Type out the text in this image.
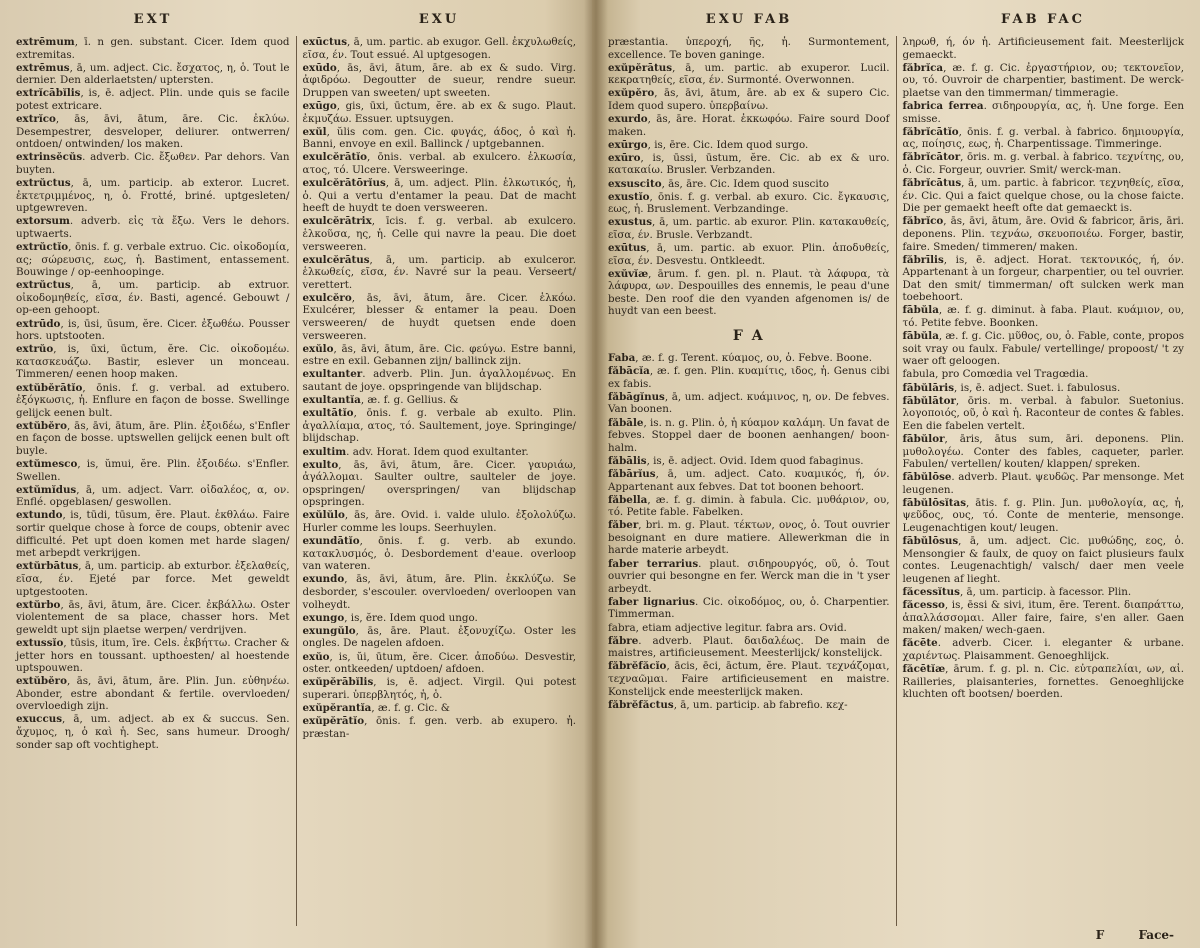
EXT	EXU
extrēmum, ī. n gen. substant. Cicer. Idem quod extremitas.
extrēmus, ā, um. adject. Cic. ἔσχατος, η, ὁ. Tout le dernier. Den alderlaetsten/ uptersten.
extrĭcābĭlis, is, ē. adject. Plin. unde quis se facile potest extricare.
extrĭco, ās, āvi, ātum, āre. Cic. ἐκλύω. Desempestrer, desveloper, deliurer. ontwerren/ ontdoen/ ontwinden/ los maken.
extrinsĕcŭs. adverb. Cic. ἔξωθεν. Par dehors. Van buyten.
extrŭctus, ā, um. particip. ab exteror. Lucret. ἐκτετριμμένος, η, ὁ. Frotté, briné. uptgesleten/ uptgewreven.
extorsum. adverb. εἰς τὰ ἔξω. Vers le dehors. uptwaerts.
extrŭctĭo, ōnis. f. g. verbale extruo. Cic. οἰκοδομία, ας; σώρευσις, εως, ἡ. Bastiment, entassement. Bouwinge / op-eenhoopinge.
extrŭctus, ā, um. particip. ab extruor. οἰκοδομηθείς, εῖσα, έν. Basti, agencé. Gebouwt / op-een gehoopt.
extrūdo, is, ūsi, ūsum, ĕre. Cicer. ἐξωθέω. Pousser hors. uptstooten.
extrŭo, is, ūxi, ūctum, ĕre. Cic. οἰκοδομέω. κατασκευάζω. Bastir, eslever un monceau. Timmeren/ eenen hoop maken.
extŭbĕrātĭo, ōnis. f. g. verbal. ad extubero. ἐξόγκωσις, ἡ. Enflure en façon de bosse. Swellinge gelijck eenen bult.
extŭbĕro, ās, āvi, ātum, āre. Plin. ἐξοιδέω, s'Enfler en façon de bosse. uptswellen gelijck eenen bult oft buyle.
extŭmesco, is, ŭmui, ĕre. Plin. ἐξοιδέω. s'Enfler. Swellen.
extŭmĭdus, ā, um. adject. Varr. οἰδαλέος, α, ον. Enflé. opgeblasen/ geswollen.
extundo, is, tūdi, tūsum, ĕre. Plaut. ἐκθλάω. Faire sortir quelque chose à force de coups, obtenir avec difficulté. Pet upt doen komen met harde slagen/ met arbepdt verkrijgen.
extŭrbātus, ā, um. particip. ab exturbor. ἐξελαθείς, εῖσα, έν. Ejeté par force. Met geweldt uptgestooten.
extŭrbo, ās, āvi, ātum, āre. Cicer. ἐκβάλλω. Oster violentement de sa place, chasser hors. Met geweldt upt sijn plaetse werpen/ verdrijven.
extussĭo, tūsis, itum, īre. Cels. ἐκβήττω. Cracher & jetter hors en toussant. upthoesten/ al hoestende uptspouwen.
extŭbĕro, ās, āvi, ātum, āre. Plin. Jun. εὐθηνέω. Abonder, estre abondant & fertile. overvloeden/ overvloedigh zijn.
exuccus, ā, um. adject. ab ex & succus. Sen. ἄχυμος, η, ὁ καὶ ἡ. Sec, sans humeur. Droogh/ sonder sap oft vochtighept.
exūctus, ā, um. partic. ab exugor. Gell. ἐκχυλωθείς, εῖσα, έν. Tout essué. Al uptgesogen.
exūdo, ās, āvi, ātum, āre. ab ex & sudo. Virg. ἀφιδρόω. Degoutter de sueur, rendre sueur. Druppen van sweeten/ upt sweeten.
exūgo, gis, ūxi, ūctum, ĕre. ab ex & sugo. Plaut. ἐκμυζάω. Essuer. uptsuygen.
exŭl, ŭlis com. gen. Cic. φυγάς, άδος, ὁ καὶ ἡ. Banni, envoye en exil. Ballinck / uptgebannen.
exulcĕrātĭo, ōnis. verbal. ab exulcero. ἑλκωσία, ατος, τό. Ulcere. Versweeringe.
exulcĕrātōrĭus, ā, um. adject. Plin. ἑλκωτικός, ἡ, ὁ. Qui a vertu d'entamer la peau. Dat de macht heeft de huydt te doen versweeren.
exulcĕrātrix, īcis. f. g. verbal. ab exulcero. ἑλκοῦσα, ης, ἡ. Celle qui navre la peau. Die doet versweeren.
exulcĕrātus, ā, um. particip. ab exulceror. ἑλκωθείς, εῖσα, έν. Navré sur la peau. Verseert/ verettert.
exulcĕro, ās, āvi, ātum, āre. Cicer. ἑλκόω. Exulcérer, blesser & entamer la peau. Doen versweeren/ de huydt quetsen ende doen versweeren.
exŭlo, ās, āvi, ātum, āre. Cic. φεύγω. Estre banni, estre en exil. Gebannen zijn/ ballinck zijn.
exultanter. adverb. Plin. Jun. ἀγαλλομένως. En sautant de joye. opspringende van blijdschap.
exultantĭa, æ. f. g. Gellius. &
exultātĭo, ōnis. f. g. verbale ab exulto. Plin. ἀγαλλίαμα, ατος, τό. Saultement, joye. Springinge/ blijdschap.
exultim. adv. Horat. Idem quod exultanter.
exulto, ās, āvi, ātum, āre. Cicer. γαυριάω, ἀγάλλομαι. Saulter oultre, saulteler de joye. opspringen/ overspringen/ van blijdschap opspringen.
exŭlŭlo, ās, āre. Ovid. i. valde ululo. ἐξολολύζω. Hurler comme les loups. Seerhuylen.
exundātĭo, ōnis. f. g. verb. ab exundo. κατακλυσμός, ὁ. Desbordement d'eaue. overloop van wateren.
exundo, ās, āvi, ātum, āre. Plin. ἐκκλύζω. Se desborder, s'escouler. overvloeden/ overloopen van volheydt.
exungo, is, ĕre. Idem quod ungo.
exungŭlo, ās, āre. Plaut. ἐξονυχίζω. Oster les ongles. De nagelen afdoen.
exŭo, is, ŭi, ūtum, ĕre. Cicer. ἀποδύω. Desvestir, oster. ontkeeden/ uptdoen/ afdoen.
exŭpĕrābĭlis, is, ē. adject. Virgil. Qui potest superari. ὑπερβλητός, ἡ, ὁ.
exŭpĕrantĭa, æ. f. g. Cic. &
exŭpĕrātĭo, ōnis. f. gen. verb. ab exupero. ἡ. præstan-
EXU FAB	FAB FAC
præstantia. ὑπεροχή, ῆς, ἡ. Surmontement, excellence. Te boven ganinge.
exŭpĕrātus, ā, um. partic. ab exuperor. Lucil. κεκρατηθείς, εῖσα, έν. Surmonté. Overwonnen.
exŭpĕro, ās, āvi, ātum, āre. ab ex & supero Cic. Idem quod supero. ὑπερβαίνω.
exurdo, ās, āre. Horat. ἐκκωφόω. Faire sourd Doof maken.
exūrgo, is, ēre. Cic. Idem quod surgo.
exūro, is, ūssi, ūstum, ĕre. Cic. ab ex & uro. κατακαίω. Brusler. Verbzanden.
exsuscito, ās, āre. Cic. Idem quod suscito
exustĭo, ōnis. f. g. verbal. ab exuro. Cic. ἔγκαυσις, εως, ἡ. Bruslement. Verbzandinge.
exustus, ā, um. partic. ab exuror. Plin. κατακαυθείς, εῖσα, έν. Brusle. Verbzandt.
exūtus, ā, um. partic. ab exuor. Plin. ἀποδυθείς, εῖσα, έν. Desvestu. Ontkleedt.
exŭvĭæ, ārum. f. gen. pl. n. Plaut. τὰ λάφυρα, τὰ λάφυρα, ων. Despouilles des ennemis, le peau d'une beste. Den roof die den vyanden afgenomen is/ de huydt van een beest.
F A
Faba, æ. f. g. Terent. κύαμος, ου, ὁ. Febve. Boone.
făbācĭa, æ. f. gen. Plin. κυαμίτις, ιδος, ἡ. Genus cibi ex fabis.
făbāgĭnus, ā, um. adject. κυάμινος, η, ον. De febves. Van boonen.
făbāle, is. n. g. Plin. ὁ, ἡ κύαμον καλάμη. Un favat de febves. Stoppel daer de boonen aenhangen/ boon-halm.
făbālis, is, ē. adject. Ovid. Idem quod fabaginus.
făbārĭus, ā, um. adject. Cato. κυαμικός, ή, όν. Appartenant aux febves. Dat tot boonen behoort.
făbella, æ. f. g. dimin. à fabula. Cic. μυθάριον, ου, τό. Petite fable. Fabelken.
făber, bri. m. g. Plaut. τέκτων, ονος, ὁ. Tout ouvrier besoignant en dure matiere. Allewerkman die in harde materie arbeydt.
faber terrarius. plaut. σιδηρουργός, οῦ, ὁ. Tout ouvrier qui besongne en fer. Werck man die in 't yser arbeydt.
faber lignarius. Cic. οἰκοδόμος, ου, ὁ. Charpentier. Timmerman.
fabra, etiam adjective legitur. fabra ars. Ovid.
făbre. adverb. Plaut. δαιδαλέως. De main de maistres, artificieusement. Meesterlijck/ konstelijck.
făbrĕfăcĭo, ācis, ēci, āctum, ĕre. Plaut. τεχνάζομαι, τεχναῶμαι. Faire artificieusement en maistre. Konstelijck ende meesterlijck maken.
făbrĕfăctus, ā, um. particip. ab fabrefio. κεχ-
ληρωθ, ή, όν ἡ. Artificieusement fait. Meesterlijck gemaeckt.
făbrĭca, æ. f. g. Cic. ἐργαστήριον, ου; τεκτονεῖον, ου, τό. Ouvroir de charpentier, bastiment. De werck-plaetse van den timmerman/ timmeragie.
fabrica ferrea. σιδηρουργία, ας, ἡ. Une forge. Een smisse.
făbrĭcātĭo, ōnis. f. g. verbal. à fabrico. δημιουργία, ας, ποίησις, εως, ἡ. Charpentissage. Timmeringe.
făbrĭcātor, ōris. m. g. verbal. à fabrico. τεχνίτης, ου, ὁ. Cic. Forgeur, ouvrier. Smit/ werck-man.
făbrĭcātus, ā, um. partic. à fabricor. τεχνηθείς, εῖσα, έν. Cic. Qui a faict quelque chose, ou la chose faicte. Die per gemaekt heeft ofte dat gemaeckt is.
făbrĭco, ās, āvi, ātum, āre. Ovid & fabricor, āris, āri. deponens. Plin. τεχνάω, σκευοποιέω. Forger, bastir, faire. Smeden/ timmeren/ maken.
făbrīlis, is, ē. adject. Horat. τεκτονικός, ή, όν. Appartenant à un forgeur, charpentier, ou tel ouvrier. Dat den smit/ timmerman/ oft sulcken werk man toebehoort.
fābŭla, æ. f. g. diminut. à faba. Plaut. κυάμιον, ου, τό. Petite febve. Boonken.
fābŭla, æ. f. g. Cic. μῦθος, ου, ὁ. Fable, conte, propos soit vray ou faulx. Fabule/ vertellinge/ propoost/ 't zy waer oft geloogen.
fabula, pro Comœdia vel Tragœdia.
fābŭlāris, is, ē. adject. Suet. i. fabulosus.
fābŭlātor, ōris. m. verbal. à fabulor. Suetonius. λογοποιός, οῦ, ὁ καὶ ἡ. Raconteur de contes & fables. Een die fabelen vertelt.
fābŭlor, āris, ātus sum, āri. deponens. Plin. μυθολογέω. Conter des fables, caqueter, parler. Fabulen/ vertellen/ kouten/ klappen/ spreken.
fābŭlōse. adverb. Plaut. ψευδῶς. Par mensonge. Met leugenen.
fābŭlōsĭtas, ātis. f. g. Plin. Jun. μυθολογία, ας, ἡ, ψεῦδος, ους, τό. Conte de menterie, mensonge. Leugenachtigen kout/ leugen.
fābŭlōsus, ā, um. adject. Cic. μυθώδης, εος, ὁ. Mensongier & faulx, de quoy on faict plusieurs faulx contes. Leugenachtigh/ valsch/ daer men veele leugenen af lieght.
făcessĭtus, ā, um. particip. à facessor. Plin.
făcesso, is, ēssi & sivi, itum, ēre. Terent. διαπράττω, ἀπαλλάσσομαι. Aller faire, faire, s'en aller. Gaen maken/ maken/ wech-gaen.
făcēte. adverb. Cicer. i. eleganter & urbane. χαριέντως. Plaisamment. Genoeghlijck.
făcētĭæ, ārum. f. g. pl. n. Cic. εὐτραπελίαι, ων, αἱ. Railleries, plaisanteries, fornettes. Genoeghlijcke kluchten oft bootsen/ boerden.
F	Face-
